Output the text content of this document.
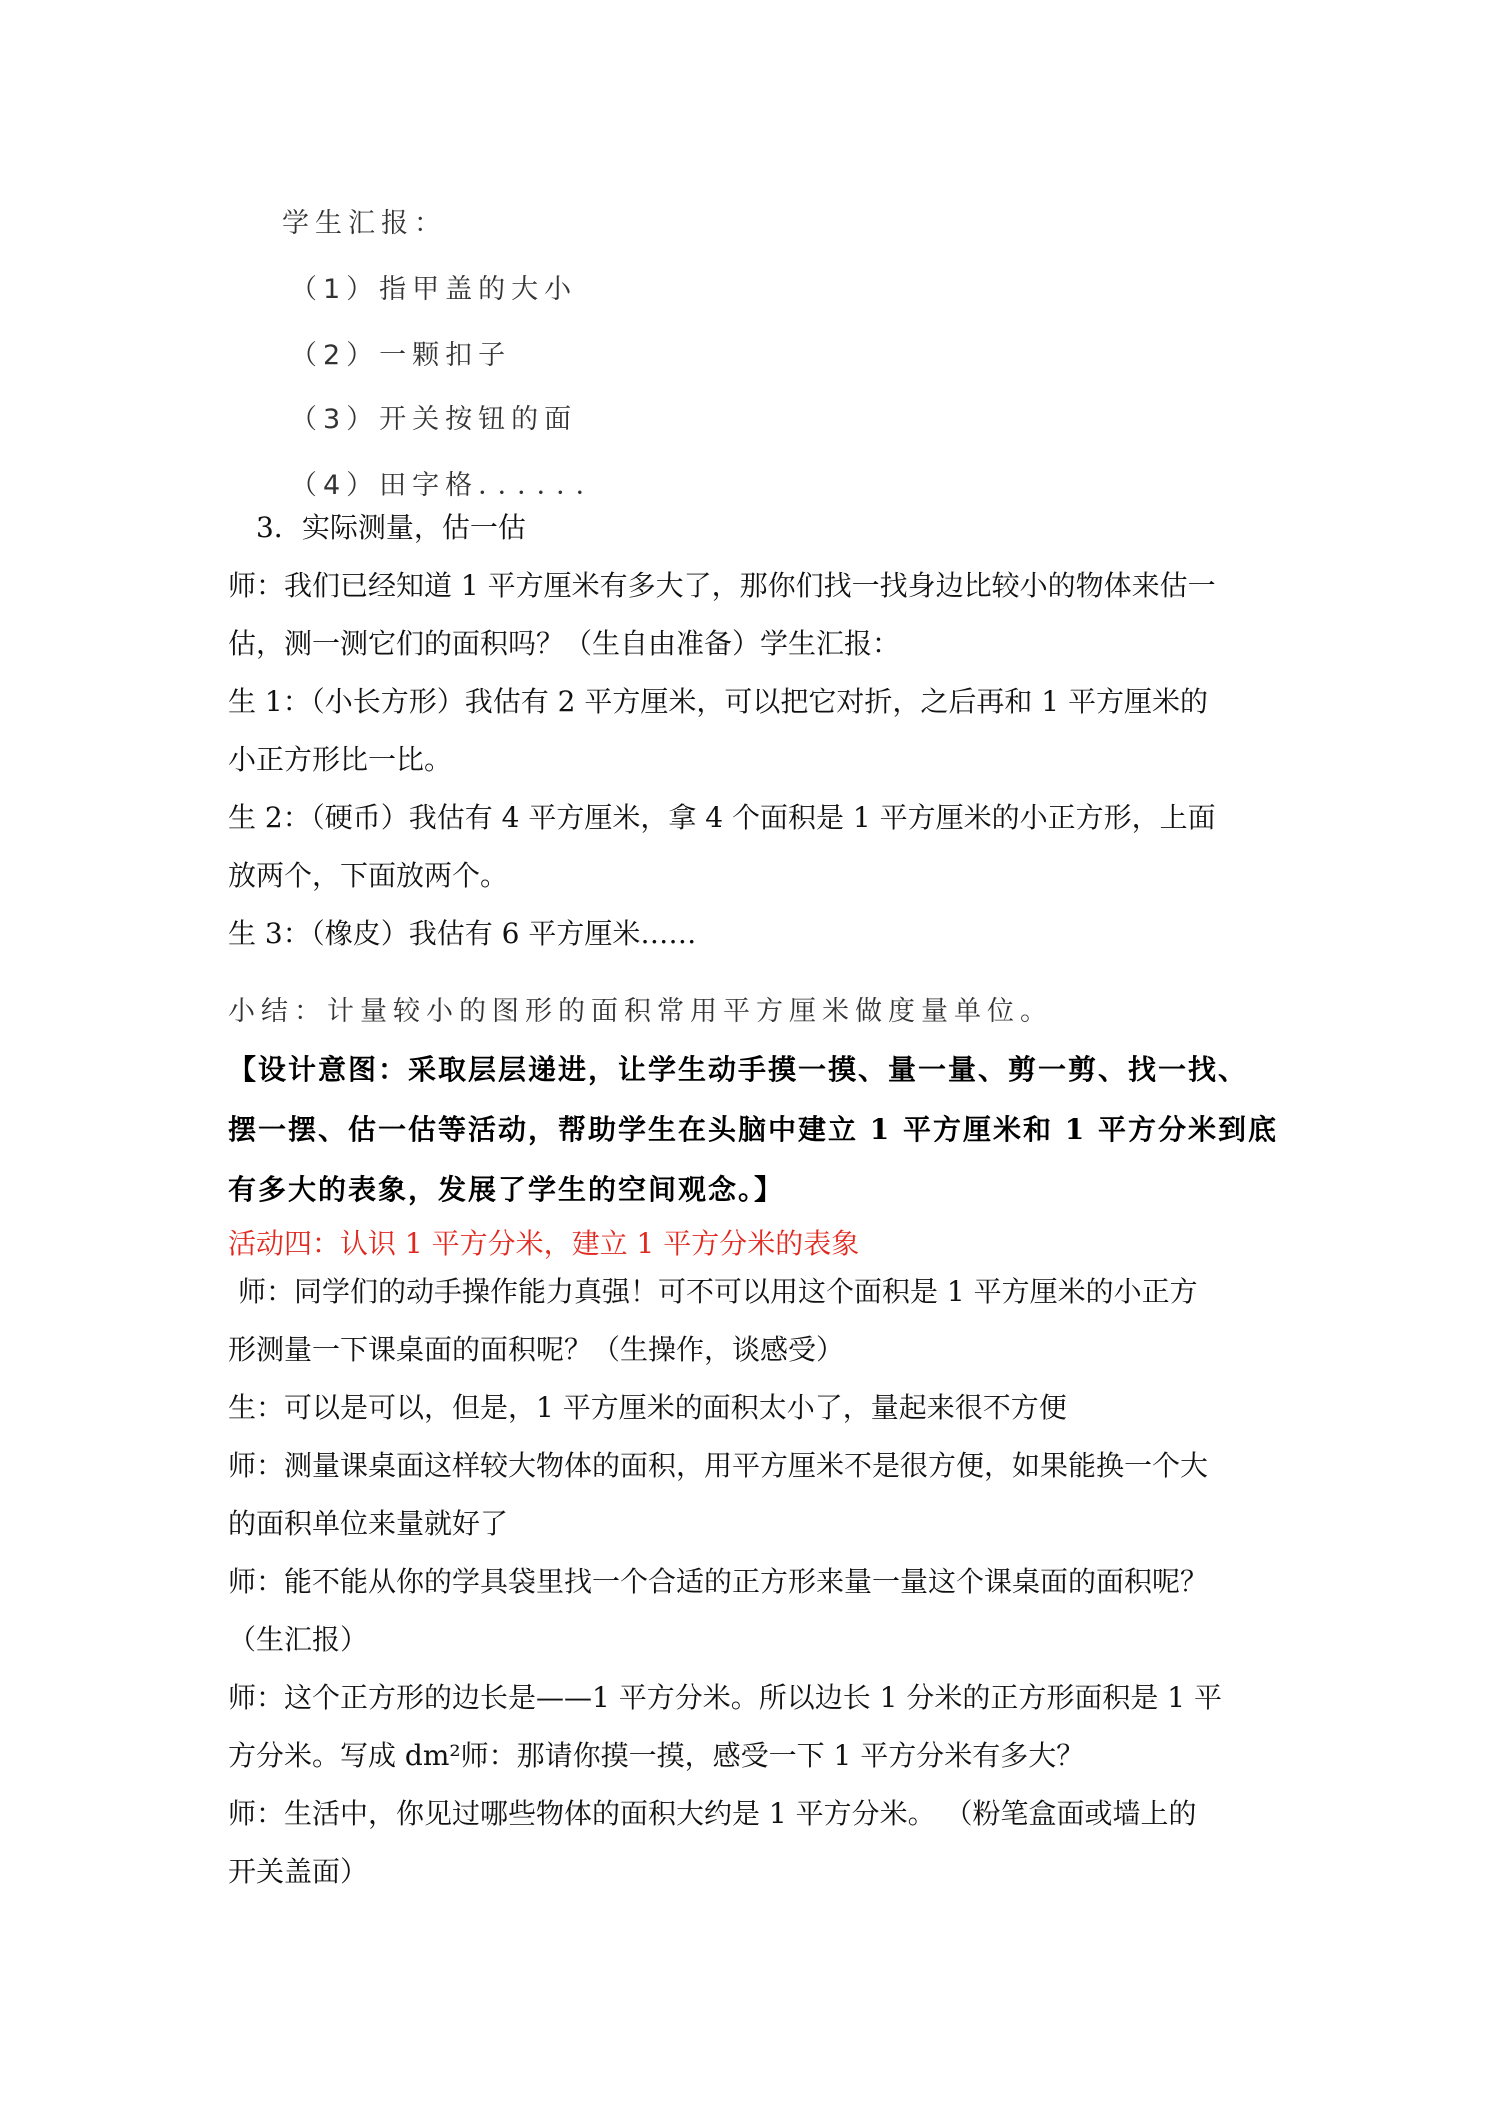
学生汇报：
（1）指甲盖的大小
（2）一颗扣子
（3）开关按钮的面
（4）田字格．．．．．．
3．实际测量，估一估
师：我们已经知道 1 平方厘米有多大了，那你们找一找身边比较小的物体来估一
估，测一测它们的面积吗？（生自由准备）学生汇报：
生 1：（小长方形）我估有 2 平方厘米，可以把它对折，之后再和 1 平方厘米的
小正方形比一比。
生 2：（硬币）我估有 4 平方厘米，拿 4 个面积是 1 平方厘米的小正方形，上面
放两个，下面放两个。
生 3：（橡皮）我估有 6 平方厘米……
小结：计量较小的图形的面积常用平方厘米做度量单位。
【设计意图：采取层层递进，让学生动手摸一摸、量一量、剪一剪、找一找、
摆一摆、估一估等活动，帮助学生在头脑中建立 1 平方厘米和 1 平方分米到底
有多大的表象，发展了学生的空间观念。】
活动四：认识 1 平方分米，建立 1 平方分米的表象
师：同学们的动手操作能力真强！可不可以用这个面积是 1 平方厘米的小正方
形测量一下课桌面的面积呢？（生操作，谈感受）
生：可以是可以，但是，1 平方厘米的面积太小了，量起来很不方便
师：测量课桌面这样较大物体的面积，用平方厘米不是很方便，如果能换一个大
的面积单位来量就好了
师：能不能从你的学具袋里找一个合适的正方形来量一量这个课桌面的面积呢？
（生汇报）
师：这个正方形的边长是——1 平方分米。所以边长 1 分米的正方形面积是 1 平
方分米。写成 dm²师：那请你摸一摸，感受一下 1 平方分米有多大？
师：生活中，你见过哪些物体的面积大约是 1 平方分米。 （粉笔盒面或墙上的
开关盖面）
